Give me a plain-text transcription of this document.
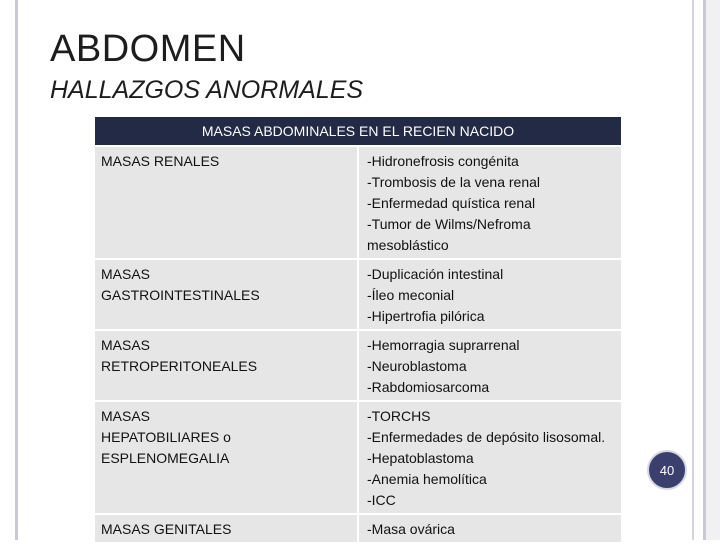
ABDOMEN
HALLAZGOS ANORMALES
MASAS ABDOMINALES EN EL RECIEN NACIDO	

MASAS RENALES	-Hidronefrosis congénita
-Trombosis de la vena renal
-Enfermedad quística renal
-Tumor de Wilms/Nefroma mesoblástico

MASAS
GASTROINTESTINALES	-Duplicación intestinal
-Íleo meconial
-Hipertrofia pilórica

MASAS
RETROPERITONEALES	-Hemorragia suprarrenal
-Neuroblastoma
-Rabdomiosarcoma

MASAS
HEPATOBILIARES o
ESPLENOMEGALIA	-TORCHS
-Enfermedades de depósito lisosomal.
-Hepatoblastoma
-Anemia hemolítica
-ICC

MASAS GENITALES	-Masa ovárica
40
